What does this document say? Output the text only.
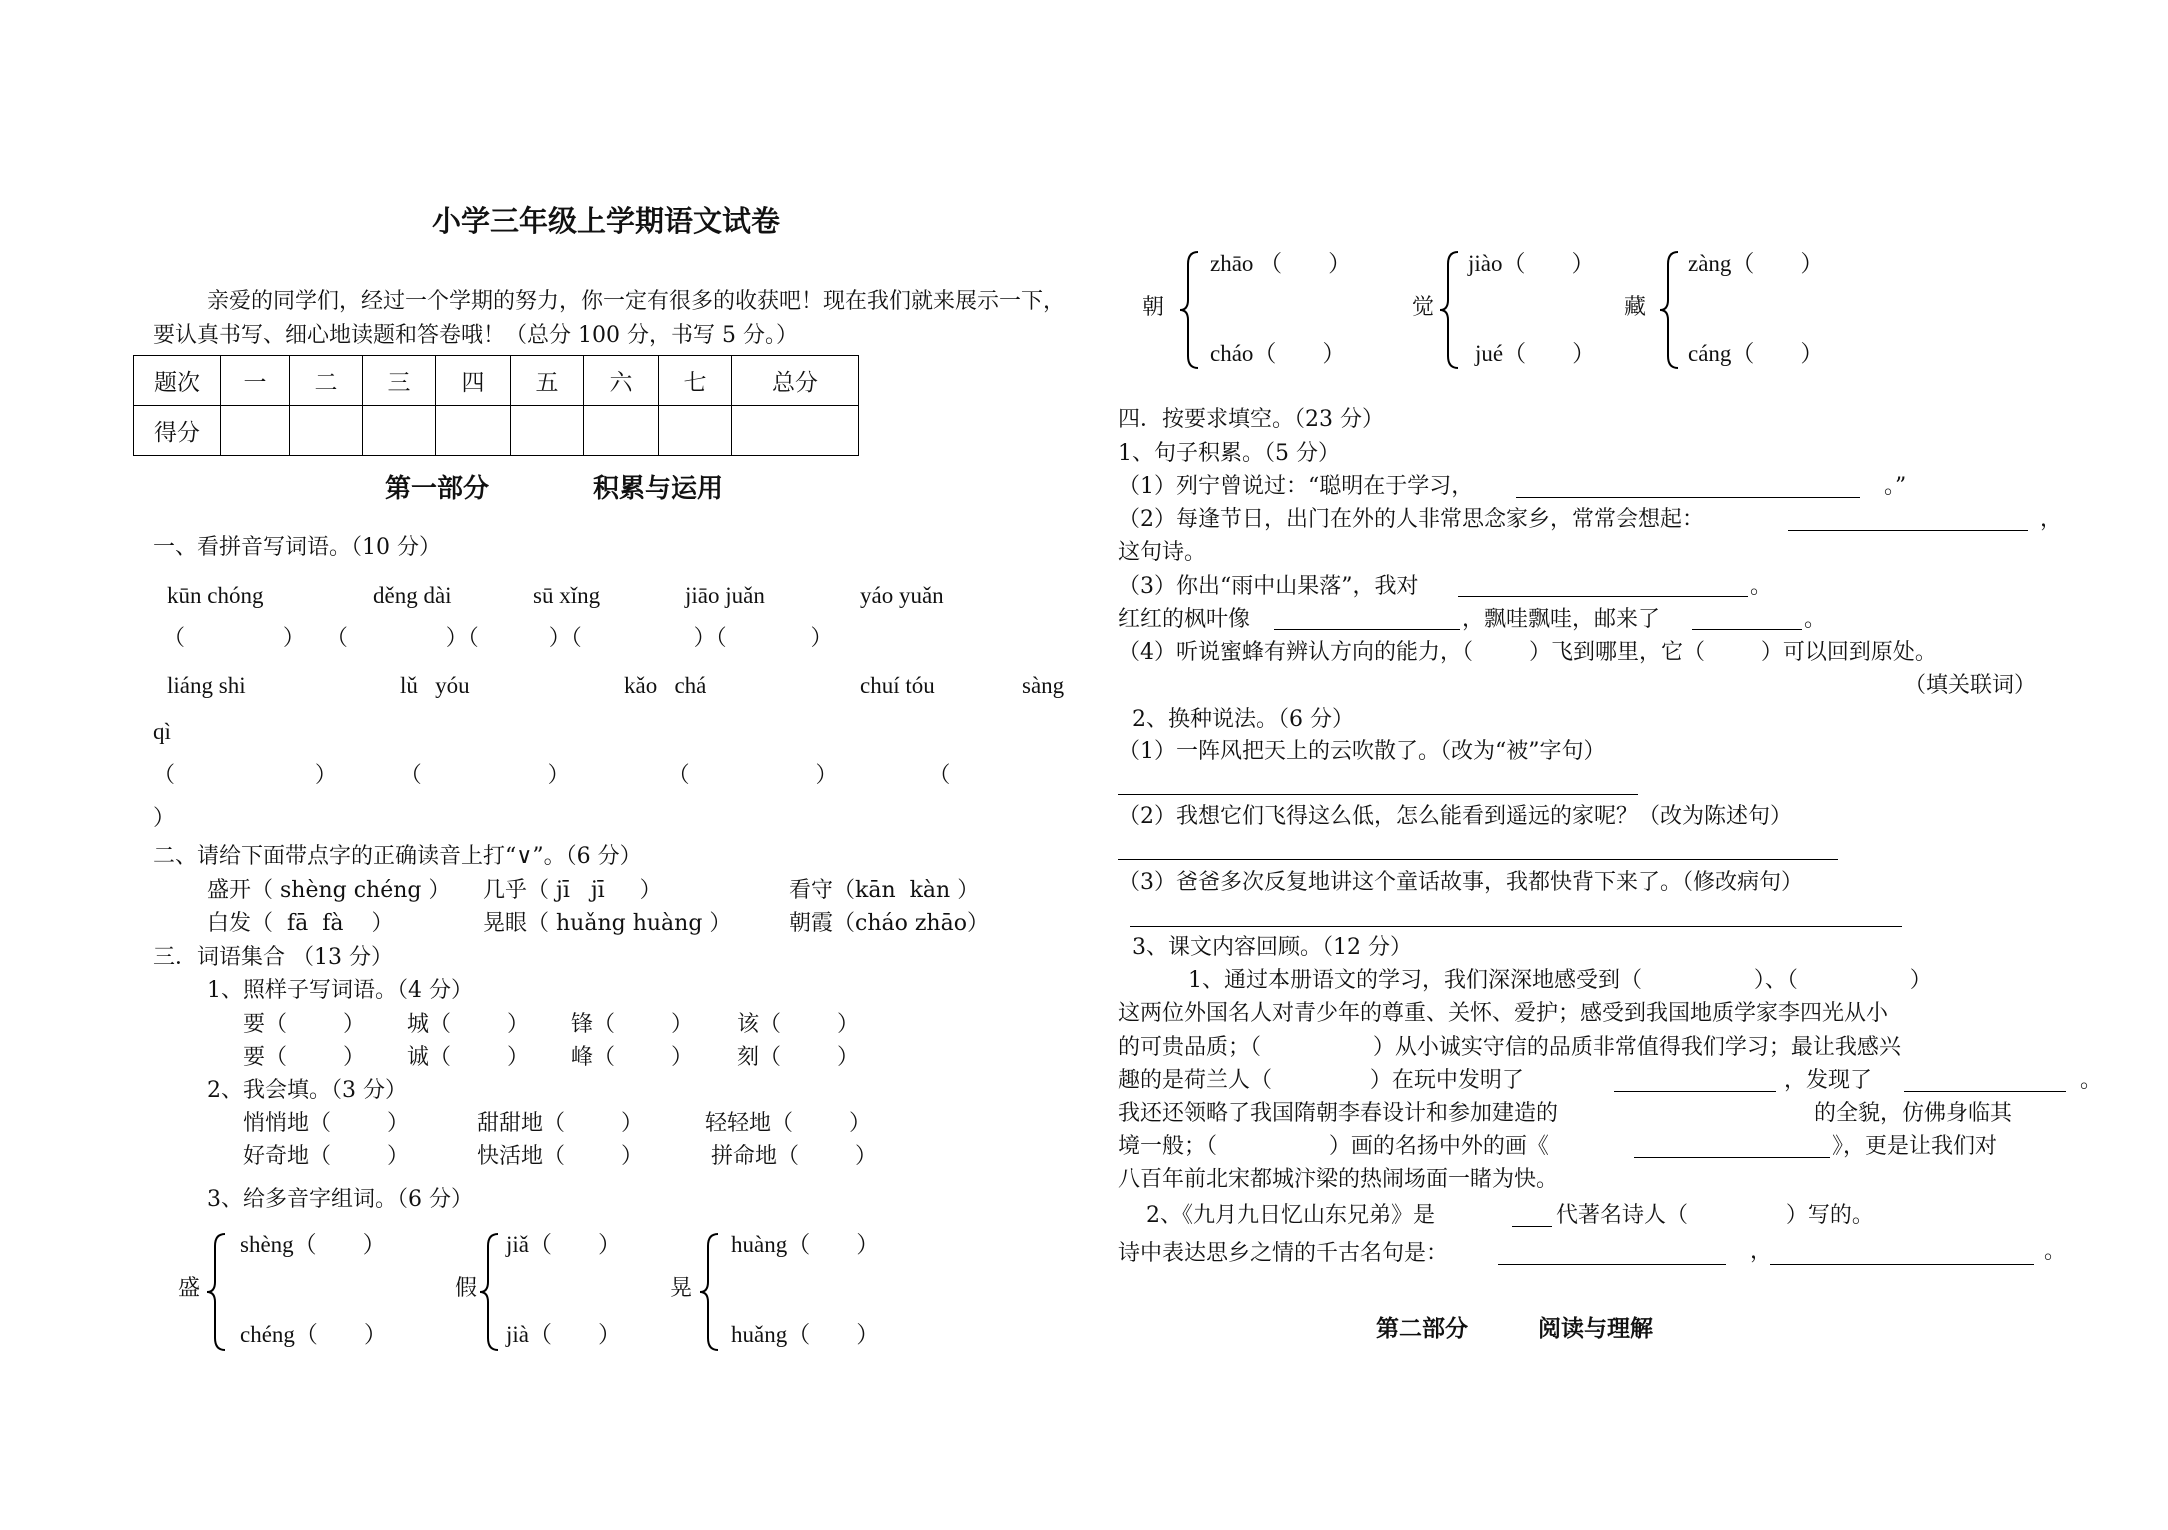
小学三年级上学期语文试卷
亲爱的同学们，经过一个学期的努力，你一定有很多的收获吧！现在我们就来展示一下，
要认真书写、细心地读题和答卷哦！（总分 100 分，书写 5 分。）
题次	一	二	三	四	五	六	七	总分
得分								
第一部分	积累与运用
一、看拼音写词语。（10 分）
kūn chóng	děng dài	sū xǐng	jiāo juǎn	yáo yuǎn
（              ）   （              ）（          ）（                ）（            ）
liáng shi	lǔ   yóu	kǎo   chá	chuí tóu	sàng
qì
（                    ）         （                  ）              （                  ）             （
）
二、请给下面带点字的正确读音上打“∨”。（6 分）
盛开（ shèng chéng ） 几乎（ jī   jī     ）	看守（kān  kàn ）
白发（  fā  fà    ）	晃眼（ huǎng huàng ）	朝霞（cháo zhāo）
三．词语集合 （13 分）
1、照样子写词语。（4 分）
要（        ） 城（        ） 锋（        ） 该（        ）
要（        ） 诚（        ） 峰（        ） 刻（        ）
2、我会填。（3 分）
悄悄地（        ）	甜甜地（        ）	轻轻地（        ）
好奇地（        ）	快活地（        ）	拼命地（        ）
3、给多音字组词。（6 分）
盛
shèng（        ）
chéng（        ）
假
jiǎ（        ）
jià（        ）
晃
huàng（        ）
huǎng（        ）
朝
zhāo （        ）
cháo（        ）
觉
jiào（        ）
jué（        ）
藏
zàng（        ）
cáng（        ）
四．按要求填空。（23 分）
1、句子积累。（5 分）
（1）列宁曾说过：“聪明在于学习，	。”
（2）每逢节日，出门在外的人非常思念家乡，常常会想起：	，
这句诗。
（3）你出“雨中山果落”，我对	。
红红的枫叶像	，飘哇飘哇，邮来了	。
（4）听说蜜蜂有辨认方向的能力，（        ）飞到哪里，它（        ）可以回到原处。
（填关联词）
2、换种说法。（6 分）
（1）一阵风把天上的云吹散了。（改为“被”字句）
（2）我想它们飞得这么低，怎么能看到遥远的家呢？（改为陈述句）
（3）爸爸多次反复地讲这个童话故事，我都快背下来了。（修改病句）
3、课文内容回顾。（12 分）
1、通过本册语文的学习，我们深深地感受到（                ）、（                ）
这两位外国名人对青少年的尊重、关怀、爱护；感受到我国地质学家李四光从小
的可贵品质；（                ）从小诚实守信的品质非常值得我们学习；最让我感兴
趣的是荷兰人（              ）在玩中发明了	，发现了	。
我还还领略了我国隋朝李春设计和参加建造的	的全貌，仿佛身临其
境一般；（                ）画的名扬中外的画《	》，更是让我们对
八百年前北宋都城汴梁的热闹场面一睹为快。
2、《九月九日忆山东兄弟》是	代著名诗人（              ）写的。
诗中表达思乡之情的千古名句是：	，	。
第二部分	阅读与理解
